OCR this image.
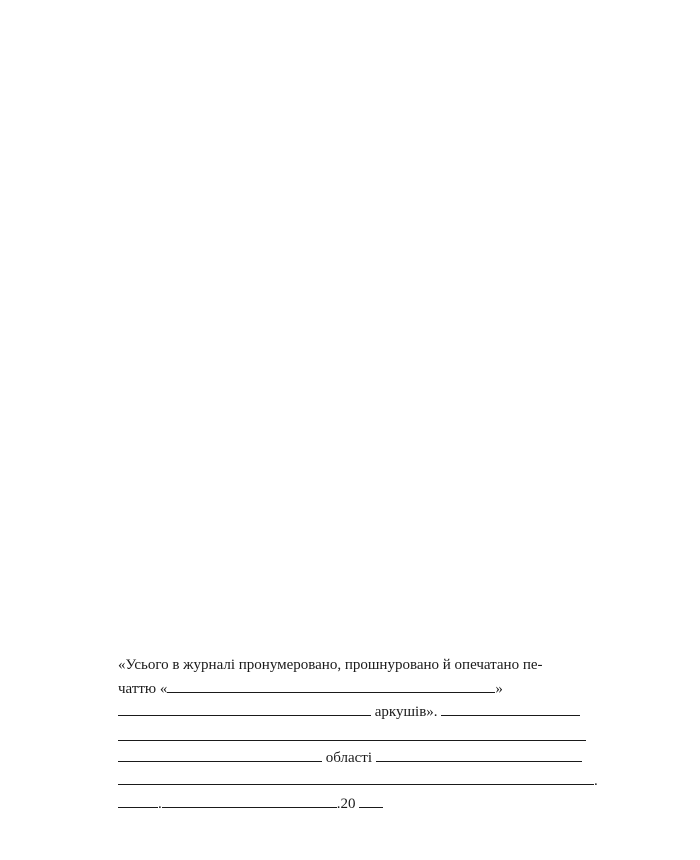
«Усього в журналі пронумеровано, прошнуровано й опечатано пе-
чаттю «	»
аркушів».
області
.
.	.20
